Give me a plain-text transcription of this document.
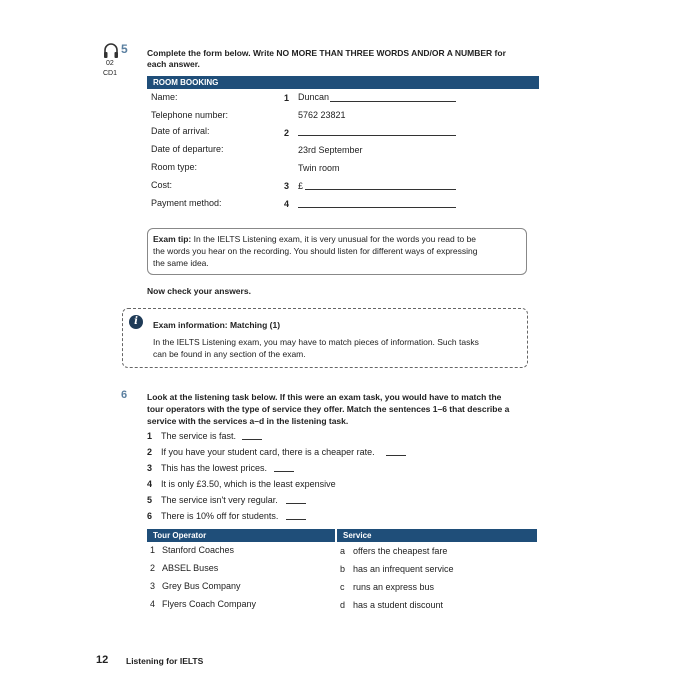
5
02
CD1
Complete the form below. Write NO MORE THAN THREE WORDS AND/OR A NUMBER for
each answer.
ROOM BOOKING
Name:	1 Duncan
Telephone number:	5762 23821
Date of arrival:	2
Date of departure:	23rd September
Room type:	Twin room
Cost:	3 £
Payment method:	4
Exam tip: In the IELTS Listening exam, it is very unusual for the words you read to be
the words you hear on the recording. You should listen for different ways of expressing
the same idea.
Now check your answers.
i	Exam information: Matching (1)
In the IELTS Listening exam, you may have to match pieces of information. Such tasks
can be found in any section of the exam.
6 Look at the listening task below. If this were an exam task, you would have to match the
tour operators with the type of service they offer. Match the sentences 1–6 that describe a
service with the services a–d in the listening task.
1 The service is fast.
2 If you have your student card, there is a cheaper rate.
3 This has the lowest prices.
4 It is only £3.50, which is the least expensive
5 The service isn't very regular.
6 There is 10% off for students.
Tour Operator	Service
1 Stanford Coaches	a offers the cheapest fare
2 ABSEL Buses	b has an infrequent service
3 Grey Bus Company	c runs an express bus
4 Flyers Coach Company	d has a student discount
12 Listening for IELTS
